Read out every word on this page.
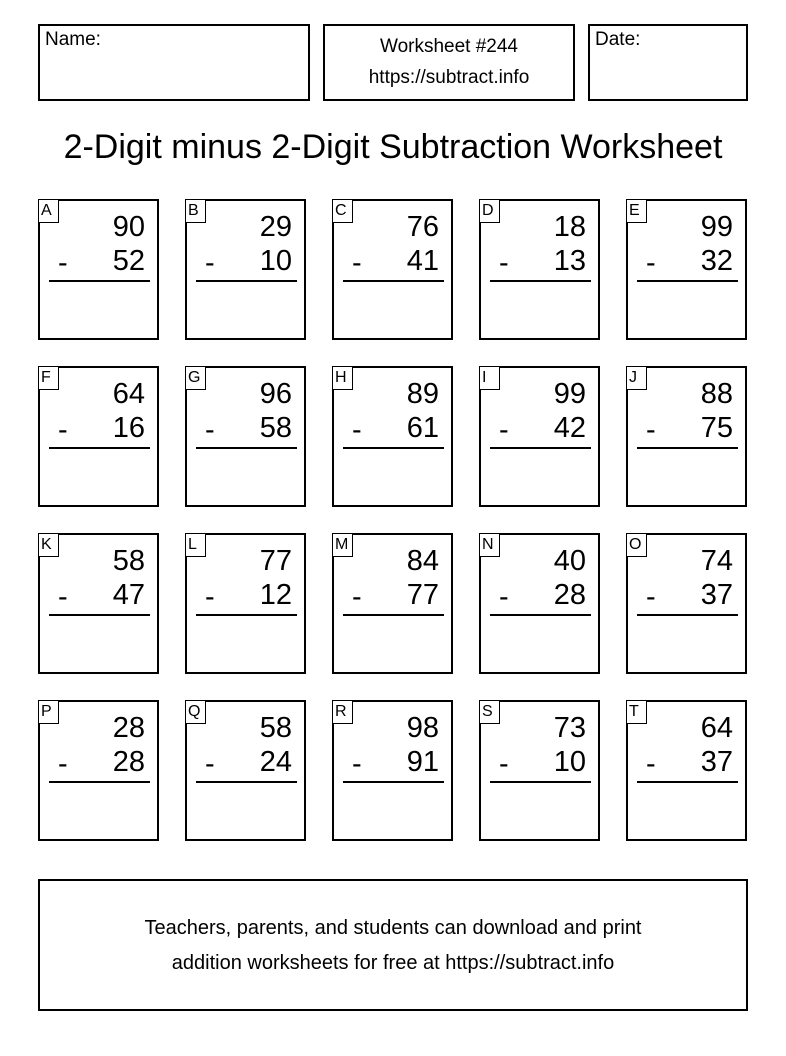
Name:	Worksheet #244
https://subtract.info
Date:
2-Digit minus 2-Digit Subtraction Worksheet
A
90
- 52
B
29
- 10
C
76
- 41
D
18
- 13
E
99
- 32
F
64
- 16
G
96
- 58
H
89
- 61
I
99
- 42
J
88
- 75
K
58
- 47
L
77
- 12
M
84
- 77
N
40
- 28
O
74
- 37
P
28
- 28
Q
58
- 24
R
98
- 91
S
73
- 10
T
64
- 37
Teachers, parents, and students can download and print
addition worksheets for free at https://subtract.info
